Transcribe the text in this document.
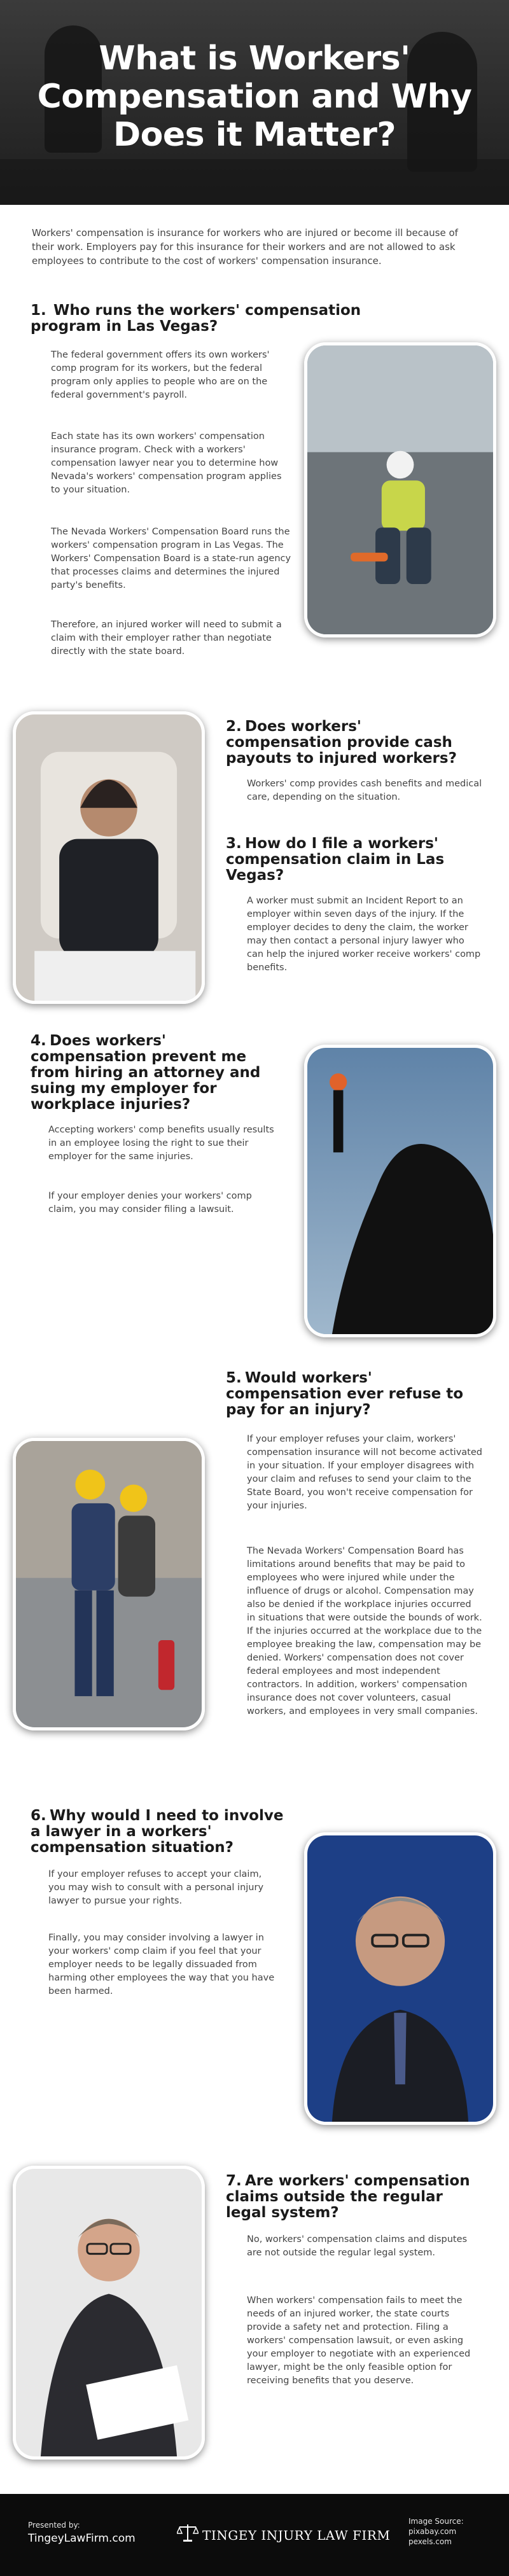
What is Workers' Compensation and Why Does it Matter?

Workers' compensation is insurance for workers who are injured or become ill because of their work. Employers pay for this insurance for their workers and are not allowed to ask employees to contribute to the cost of workers' compensation insurance.

1. Who runs the workers' compensation program in Las Vegas?

The federal government offers its own workers' comp program for its workers, but the federal program only applies to people who are on the federal government's payroll.

Each state has its own workers' compensation insurance program. Check with a workers' compensation lawyer near you to determine how Nevada's workers' compensation program applies to your situation.

The Nevada Workers' Compensation Board runs the workers' compensation program in Las Vegas. The Workers' Compensation Board is a state-run agency that processes claims and determines the injured party's benefits.

Therefore, an injured worker will need to submit a claim with their employer rather than negotiate directly with the state board.

2. Does workers' compensation provide cash payouts to injured workers?

Workers' comp provides cash benefits and medical care, depending on the situation.

3. How do I file a workers' compensation claim in Las Vegas?

A worker must submit an Incident Report to an employer within seven days of the injury. If the employer decides to deny the claim, the worker may then contact a personal injury lawyer who can help the injured worker receive workers' comp benefits.

4. Does workers' compensation prevent me from hiring an attorney and suing my employer for workplace injuries?

Accepting workers' comp benefits usually results in an employee losing the right to sue their employer for the same injuries.

If your employer denies your workers' comp claim, you may consider filing a lawsuit.

5. Would workers' compensation ever refuse to pay for an injury?

If your employer refuses your claim, workers' compensation insurance will not become activated in your situation. If your employer disagrees with your claim and refuses to send your claim to the State Board, you won't receive compensation for your injuries.

The Nevada Workers' Compensation Board has limitations around benefits that may be paid to employees who were injured while under the influence of drugs or alcohol. Compensation may also be denied if the workplace injuries occurred in situations that were outside the bounds of work. If the injuries occurred at the workplace due to the employee breaking the law, compensation may be denied. Workers' compensation does not cover federal employees and most independent contractors. In addition, workers' compensation insurance does not cover volunteers, casual workers, and employees in very small companies.

6. Why would I need to involve a lawyer in a workers' compensation situation?

If your employer refuses to accept your claim, you may wish to consult with a personal injury lawyer to pursue your rights.

Finally, you may consider involving a lawyer in your workers' comp claim if you feel that your employer needs to be legally dissuaded from harming other employees the way that you have been harmed.

7. Are workers' compensation claims outside the regular legal system?

No, workers' compensation claims and disputes are not outside the regular legal system.

When workers' compensation fails to meet the needs of an injured worker, the state courts provide a safety net and protection. Filing a workers' compensation lawsuit, or even asking your employer to negotiate with an experienced lawyer, might be the only feasible option for receiving benefits that you deserve.

Presented by:
TingeyLawFirm.com	TINGEY INJURY LAW FIRM
Image Source:
pixabay.com
pexels.com
